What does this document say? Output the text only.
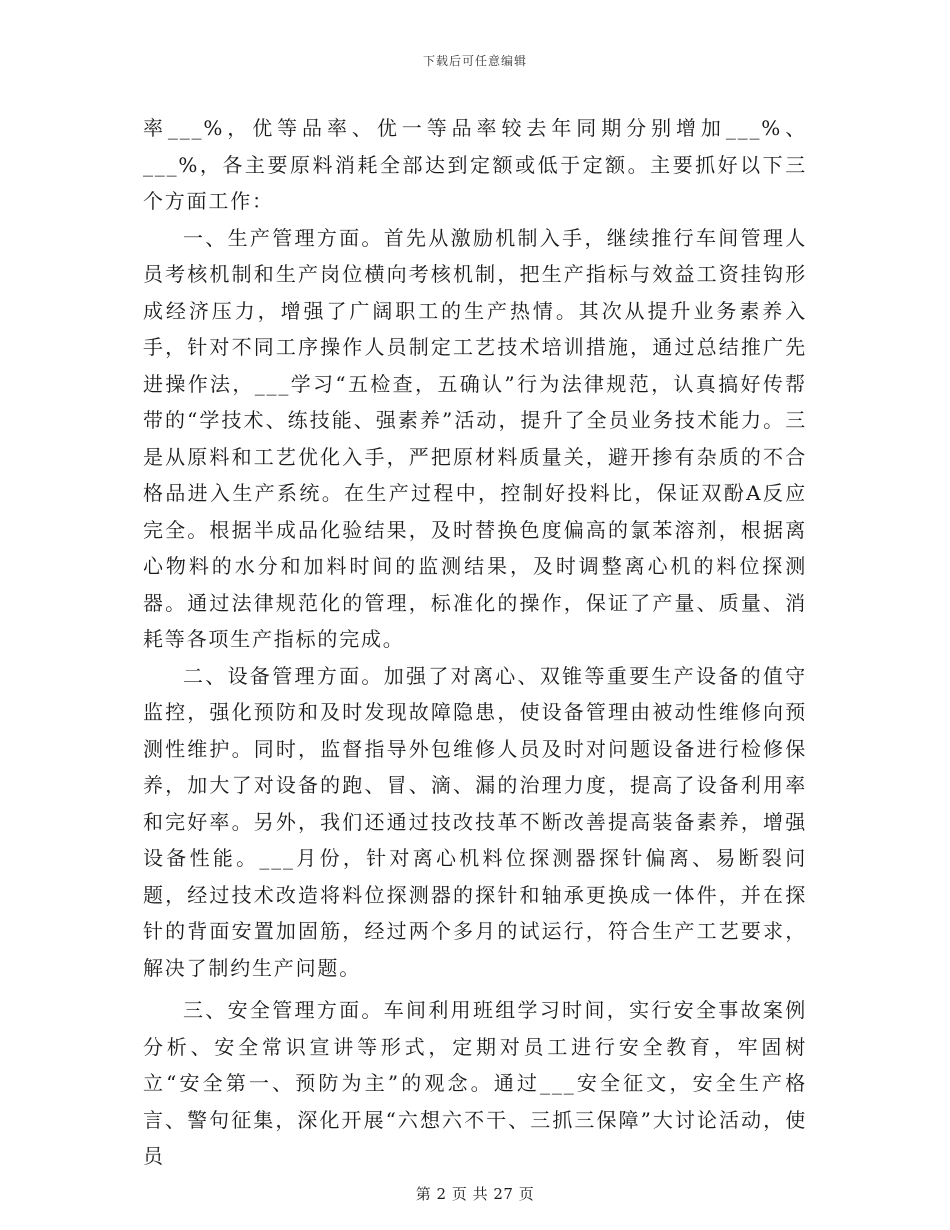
下载后可任意编辑

率___%，优等品率、优一等品率较去年同期分别增加___%、___%，各主要原料消耗全部达到定额或低于定额。主要抓好以下三个方面工作：

一、生产管理方面。首先从激励机制入手，继续推行车间管理人员考核机制和生产岗位横向考核机制，把生产指标与效益工资挂钩形成经济压力，增强了广阔职工的生产热情。其次从提升业务素养入手，针对不同工序操作人员制定工艺技术培训措施，通过总结推广先进操作法，___学习“五检查，五确认”行为法律规范，认真搞好传帮带的“学技术、练技能、强素养”活动，提升了全员业务技术能力。三是从原料和工艺优化入手，严把原材料质量关，避开掺有杂质的不合格品进入生产系统。在生产过程中，控制好投料比，保证双酚A反应完全。根据半成品化验结果，及时替换色度偏高的氯苯溶剂，根据离心物料的水分和加料时间的监测结果，及时调整离心机的料位探测器。通过法律规范化的管理，标准化的操作，保证了产量、质量、消耗等各项生产指标的完成。

二、设备管理方面。加强了对离心、双锥等重要生产设备的值守监控，强化预防和及时发现故障隐患，使设备管理由被动性维修向预测性维护。同时，监督指导外包维修人员及时对问题设备进行检修保养，加大了对设备的跑、冒、滴、漏的治理力度，提高了设备利用率和完好率。另外，我们还通过技改技革不断改善提高装备素养，增强设备性能。___月份，针对离心机料位探测器探针偏离、易断裂问题，经过技术改造将料位探测器的探针和轴承更换成一体件，并在探针的背面安置加固筋，经过两个多月的试运行，符合生产工艺要求，解决了制约生产问题。

三、安全管理方面。车间利用班组学习时间，实行安全事故案例分析、安全常识宣讲等形式，定期对员工进行安全教育，牢固树立“安全第一、预防为主”的观念。通过___安全征文，安全生产格言、警句征集，深化开展“六想六不干、三抓三保障”大讨论活动，使员

第 2 页 共 27 页
